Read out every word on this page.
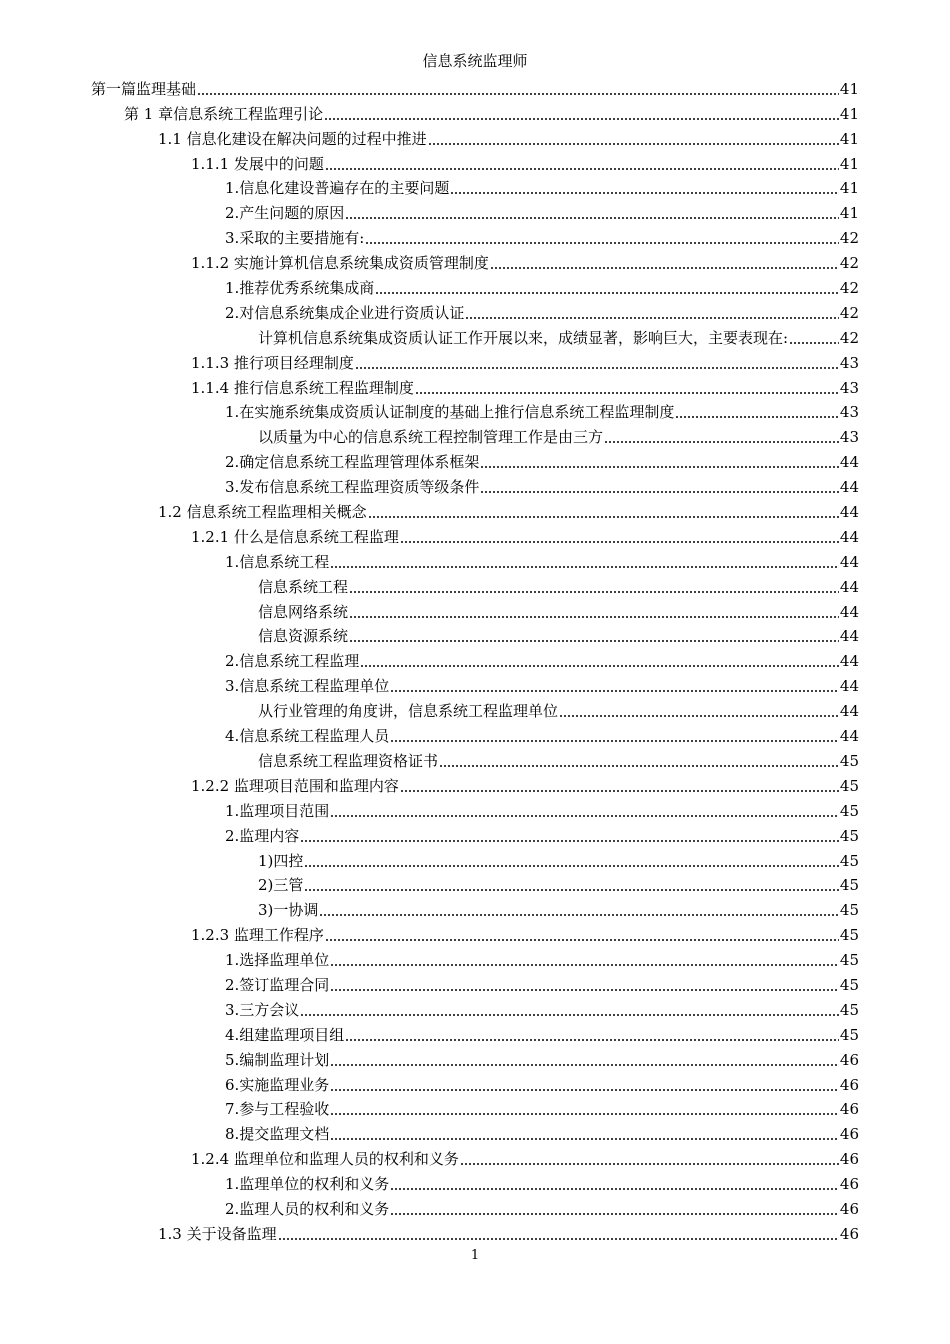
信息系统监理师
第一篇监理基础	41
第 1 章信息系统工程监理引论	41
1.1 信息化建设在解决问题的过程中推进	41
1.1.1 发展中的问题	41
1.信息化建设普遍存在的主要问题	41
2.产生问题的原因	41
3.采取的主要措施有:	42
1.1.2 实施计算机信息系统集成资质管理制度	42
1.推荐优秀系统集成商	42
2.对信息系统集成企业进行资质认证	42
计算机信息系统集成资质认证工作开展以来，成绩显著，影响巨大，主要表现在:	42
1.1.3 推行项目经理制度	43
1.1.4 推行信息系统工程监理制度	43
1.在实施系统集成资质认证制度的基础上推行信息系统工程监理制度	43
以质量为中心的信息系统工程控制管理工作是由三方	43
2.确定信息系统工程监理管理体系框架	44
3.发布信息系统工程监理资质等级条件	44
1.2 信息系统工程监理相关概念	44
1.2.1 什么是信息系统工程监理	44
1.信息系统工程	44
信息系统工程	44
信息网络系统	44
信息资源系统	44
2.信息系统工程监理	44
3.信息系统工程监理单位	44
从行业管理的角度讲，信息系统工程监理单位	44
4.信息系统工程监理人员	44
信息系统工程监理资格证书	45
1.2.2 监理项目范围和监理内容	45
1.监理项目范围	45
2.监理内容	45
1)四控	45
2)三管	45
3)一协调	45
1.2.3 监理工作程序	45
1.选择监理单位	45
2.签订监理合同	45
3.三方会议	45
4.组建监理项目组	45
5.编制监理计划	46
6.实施监理业务	46
7.参与工程验收	46
8.提交监理文档	46
1.2.4 监理单位和监理人员的权利和义务	46
1.监理单位的权利和义务	46
2.监理人员的权利和义务	46
1.3 关于设备监理	46
1
